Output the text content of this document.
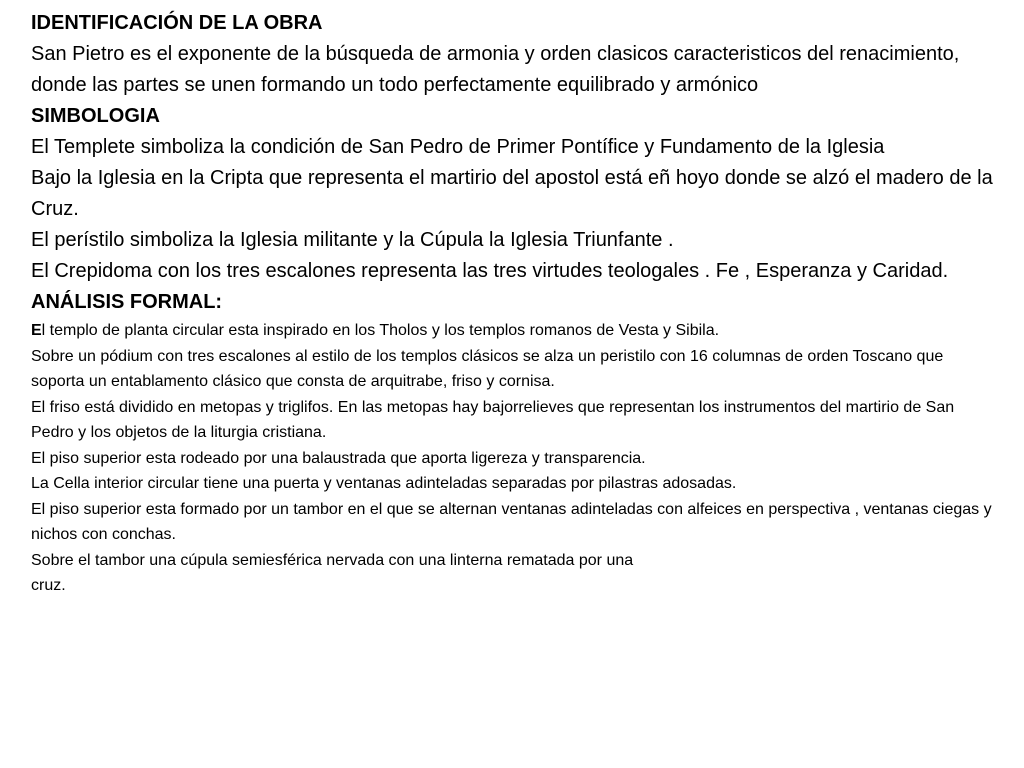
IDENTIFICACIÓN DE LA OBRA

San Pietro es el exponente de la búsqueda de armonia y orden clasicos caracteristicos del renacimiento, donde las partes se unen formando un todo perfectamente equilibrado y armónico

SIMBOLOGIA

El Templete simboliza la condición de San Pedro de Primer Pontífice y Fundamento de la Iglesia

Bajo la Iglesia en la Cripta que representa el martirio del apostol está eñ hoyo donde se alzó el madero de la Cruz.

El perístilo simboliza la Iglesia militante y la Cúpula la Iglesia Triunfante .

El Crepidoma con los tres escalones representa las tres virtudes teologales . Fe , Esperanza y Caridad.

ANÁLISIS FORMAL:

El templo de planta circular esta inspirado en los Tholos y los templos romanos de Vesta y Sibila.

Sobre un pódium con tres escalones al estilo de los templos clásicos se alza un peristilo con 16 columnas de orden Toscano que soporta un entablamento clásico que consta de arquitrabe, friso y cornisa.

El friso está dividido en metopas y triglifos. En las metopas hay bajorrelieves que representan los instrumentos del martirio de San Pedro y los objetos de la liturgia cristiana.

El piso superior esta rodeado por una balaustrada que aporta ligereza y transparencia.

La Cella interior circular tiene una puerta y ventanas adinteladas separadas por pilastras adosadas.

El piso superior esta formado por un tambor en el que se alternan ventanas adinteladas con alfeices en perspectiva , ventanas ciegas y nichos con conchas.

Sobre el tambor una cúpula semiesférica nervada con una linterna rematada por una

cruz.
